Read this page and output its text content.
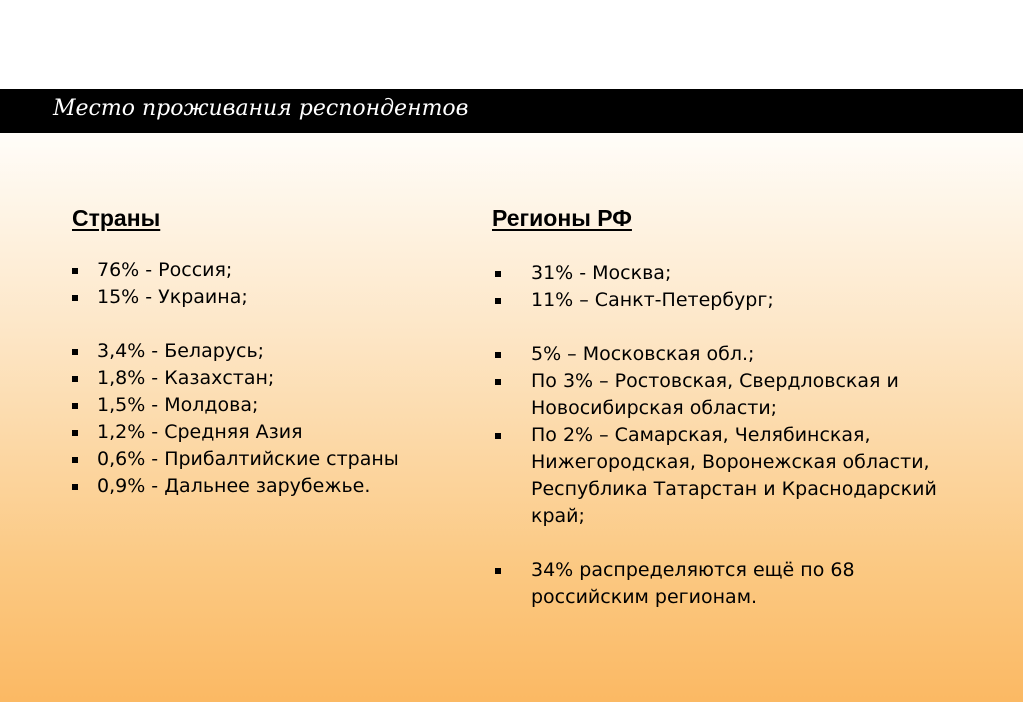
Место проживания респондентов
Страны
76% - Россия;
15% - Украина;
3,4% - Беларусь;
1,8% - Казахстан;
1,5% - Молдова;
1,2% - Средняя Азия
0,6% - Прибалтийские страны
0,9% - Дальнее зарубежье.
Регионы РФ
31% - Москва;
11% – Санкт-Петербург;
5% – Московская обл.;
По 3% – Ростовская, Свердловская и Новосибирская области;
По 2% – Самарская, Челябинская, Нижегородская, Воронежская области, Республика Татарстан и Краснодарский край;
34% распределяются ещё по 68 российским регионам.
